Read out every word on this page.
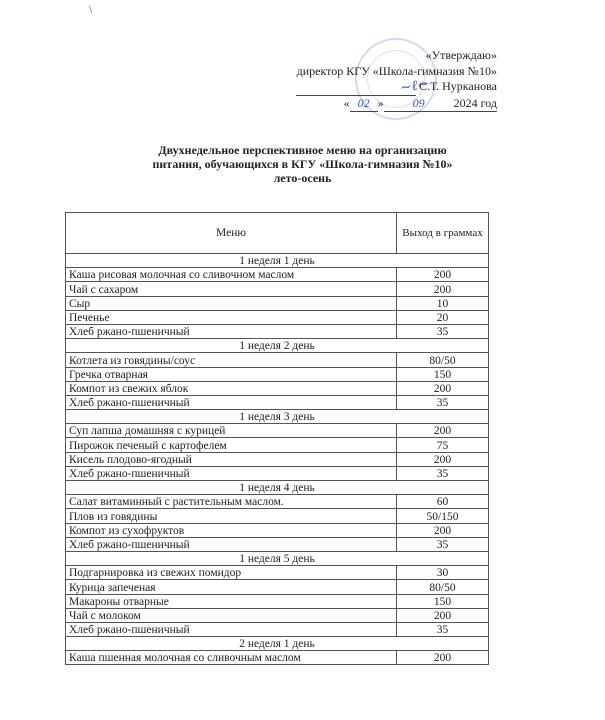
~ℓ~
«Утверждаю»
директор КГУ «Школа-гимназия №10»
С.Т. Нурканова
« 02 » 09 2024 год
Двухнедельное перспективное меню на организацию
питания, обучающихся в КГУ «Школа-гимназия №10»
лето-осень
Меню	Выход в граммах
1 неделя 1 день	
Каша рисовая молочная со сливочном маслом	200
Чай с сахаром	200
Сыр	10
Печенье	20
Хлеб ржано-пшеничный	35
1 неделя 2 день	
Котлета из говядины/соус	80/50
Гречка отварная	150
Компот из свежих яблок	200
Хлеб ржано-пшеничный	35
1 неделя 3 день	
Суп лапша домашняя с курицей	200
Пирожок печеный с картофелем	75
Кисель плодово-ягодный	200
Хлеб ржано-пшеничный	35
1 неделя 4 день	
Салат витаминный с растительным маслом.	60
Плов из говядины	50/150
Компот из сухофруктов	200
Хлеб ржано-пшеничный	35
1 неделя 5 день	
Подгарнировка из свежих помидор	30
Курица запеченая	80/50
Макароны отварные	150
Чай с молоком	200
Хлеб ржано-пшеничный	35
2 неделя 1 день	
Каша пшенная молочная со сливочным маслом	200
